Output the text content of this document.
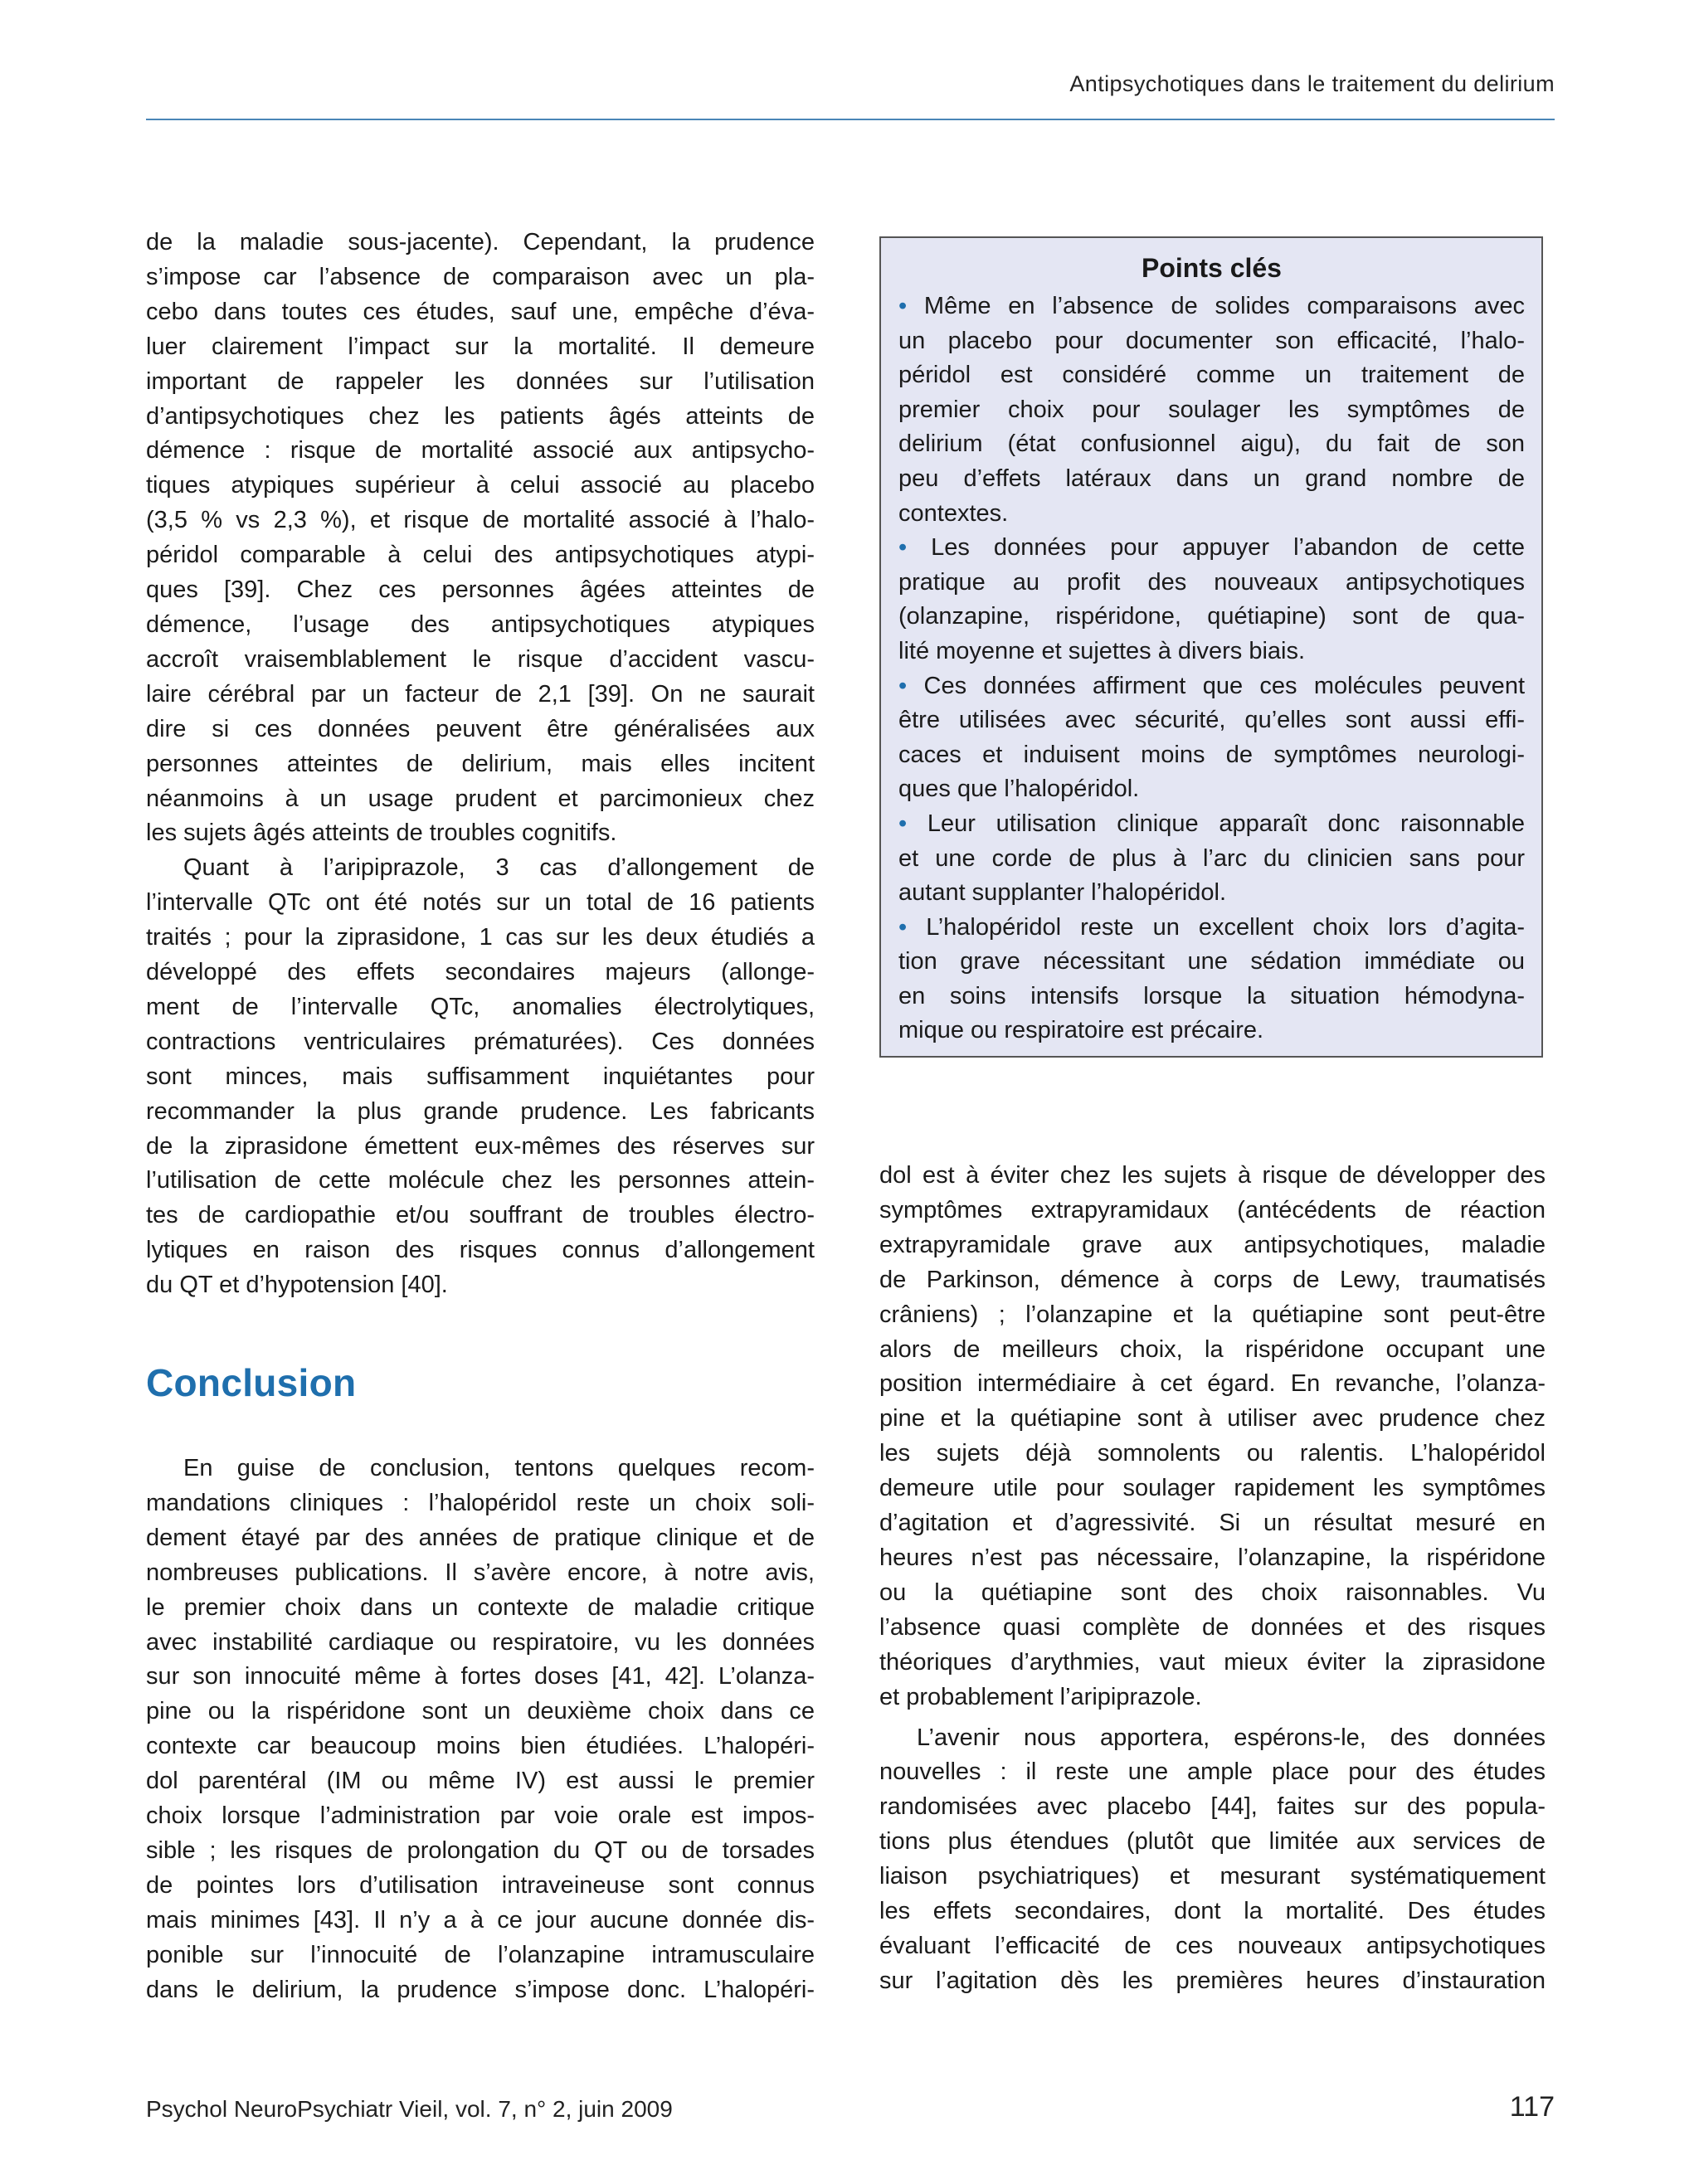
Antipsychotiques dans le traitement du delirium

de la maladie sous-jacente). Cependant, la prudence

s’impose car l’absence de comparaison avec un pla-

cebo dans toutes ces études, sauf une, empêche d’éva-

luer clairement l’impact sur la mortalité. Il demeure

important de rappeler les données sur l’utilisation

d’antipsychotiques chez les patients âgés atteints de

démence : risque de mortalité associé aux antipsycho-

tiques atypiques supérieur à celui associé au placebo

(3,5 % vs 2,3 %), et risque de mortalité associé à l’halo-

péridol comparable à celui des antipsychotiques atypi-

ques [39]. Chez ces personnes âgées atteintes de

démence, l’usage des antipsychotiques atypiques

accroît vraisemblablement le risque d’accident vascu-

laire cérébral par un facteur de 2,1 [39]. On ne saurait

dire si ces données peuvent être généralisées aux

personnes atteintes de delirium, mais elles incitent

néanmoins à un usage prudent et parcimonieux chez

les sujets âgés atteints de troubles cognitifs.

Quant à l’aripiprazole, 3 cas d’allongement de

l’intervalle QTc ont été notés sur un total de 16 patients

traités ; pour la ziprasidone, 1 cas sur les deux étudiés a

développé des effets secondaires majeurs (allonge-

ment de l’intervalle QTc, anomalies électrolytiques,

contractions ventriculaires prématurées). Ces données

sont minces, mais suffisamment inquiétantes pour

recommander la plus grande prudence. Les fabricants

de la ziprasidone émettent eux-mêmes des réserves sur

l’utilisation de cette molécule chez les personnes attein-

tes de cardiopathie et/ou souffrant de troubles électro-

lytiques en raison des risques connus d’allongement

du QT et d’hypotension [40].

Conclusion

En guise de conclusion, tentons quelques recom-

mandations cliniques : l’halopéridol reste un choix soli-

dement étayé par des années de pratique clinique et de

nombreuses publications. Il s’avère encore, à notre avis,

le premier choix dans un contexte de maladie critique

avec instabilité cardiaque ou respiratoire, vu les données

sur son innocuité même à fortes doses [41, 42]. L’olanza-

pine ou la rispéridone sont un deuxième choix dans ce

contexte car beaucoup moins bien étudiées. L’halopéri-

dol parentéral (IM ou même IV) est aussi le premier

choix lorsque l’administration par voie orale est impos-

sible ; les risques de prolongation du QT ou de torsades

de pointes lors d’utilisation intraveineuse sont connus

mais minimes [43]. Il n’y a à ce jour aucune donnée dis-

ponible sur l’innocuité de l’olanzapine intramusculaire

dans le delirium, la prudence s’impose donc. L’halopéri-

Points clés

• Même en l’absence de solides comparaisons avec

un placebo pour documenter son efficacité, l’halo-

péridol est considéré comme un traitement de

premier choix pour soulager les symptômes de

delirium (état confusionnel aigu), du fait de son

peu d’effets latéraux dans un grand nombre de

contextes.

• Les données pour appuyer l’abandon de cette

pratique au profit des nouveaux antipsychotiques

(olanzapine, rispéridone, quétiapine) sont de qua-

lité moyenne et sujettes à divers biais.

• Ces données affirment que ces molécules peuvent

être utilisées avec sécurité, qu’elles sont aussi effi-

caces et induisent moins de symptômes neurologi-

ques que l’halopéridol.

• Leur utilisation clinique apparaît donc raisonnable

et une corde de plus à l’arc du clinicien sans pour

autant supplanter l’halopéridol.

• L’halopéridol reste un excellent choix lors d’agita-

tion grave nécessitant une sédation immédiate ou

en soins intensifs lorsque la situation hémodyna-

mique ou respiratoire est précaire.

dol est à éviter chez les sujets à risque de développer des

symptômes extrapyramidaux (antécédents de réaction

extrapyramidale grave aux antipsychotiques, maladie

de Parkinson, démence à corps de Lewy, traumatisés

crâniens) ; l’olanzapine et la quétiapine sont peut-être

alors de meilleurs choix, la rispéridone occupant une

position intermédiaire à cet égard. En revanche, l’olanza-

pine et la quétiapine sont à utiliser avec prudence chez

les sujets déjà somnolents ou ralentis. L’halopéridol

demeure utile pour soulager rapidement les symptômes

d’agitation et d’agressivité. Si un résultat mesuré en

heures n’est pas nécessaire, l’olanzapine, la rispéridone

ou la quétiapine sont des choix raisonnables. Vu

l’absence quasi complète de données et des risques

théoriques d’arythmies, vaut mieux éviter la ziprasidone

et probablement l’aripiprazole.

L’avenir nous apportera, espérons-le, des données

nouvelles : il reste une ample place pour des études

randomisées avec placebo [44], faites sur des popula-

tions plus étendues (plutôt que limitée aux services de

liaison psychiatriques) et mesurant systématiquement

les effets secondaires, dont la mortalité. Des études

évaluant l’efficacité de ces nouveaux antipsychotiques

sur l’agitation dès les premières heures d’instauration

Psychol NeuroPsychiatr Vieil, vol. 7, n° 2, juin 2009	117
